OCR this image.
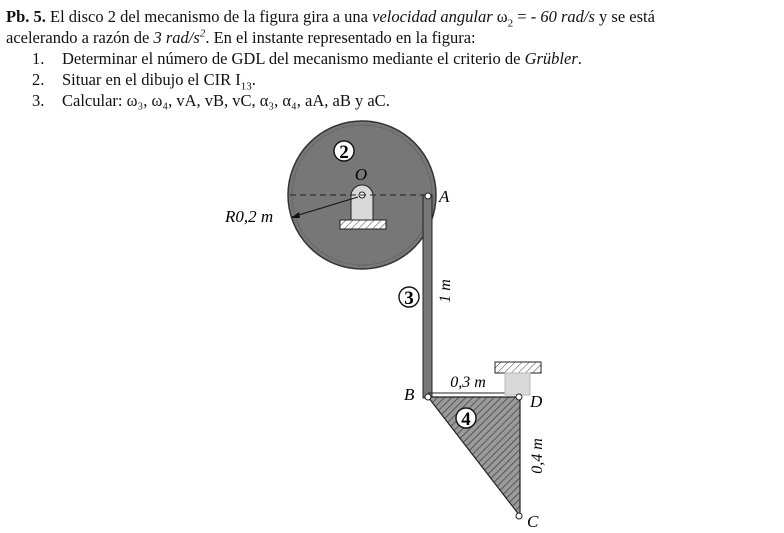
Pb. 5. El disco 2 del mecanismo de la figura gira a una velocidad angular $\omega_2$ = - 60 rad/s y se está

acelerando a razón de 3 rad/$s^2$. En el instante representado en la figura:

1. Determinar el número de GDL del mecanismo mediante el criterio de Grübler.
2. Situar en el dibujo el CIR $I_{13}$.
3. Calcular: ω₃, ω₄, vA, vB, vC, α₃, α₄, aA, aB y aC.
2
3
4
O
A
B	D
C
R0,2 m
1 m
0,3 m
0,4 m
